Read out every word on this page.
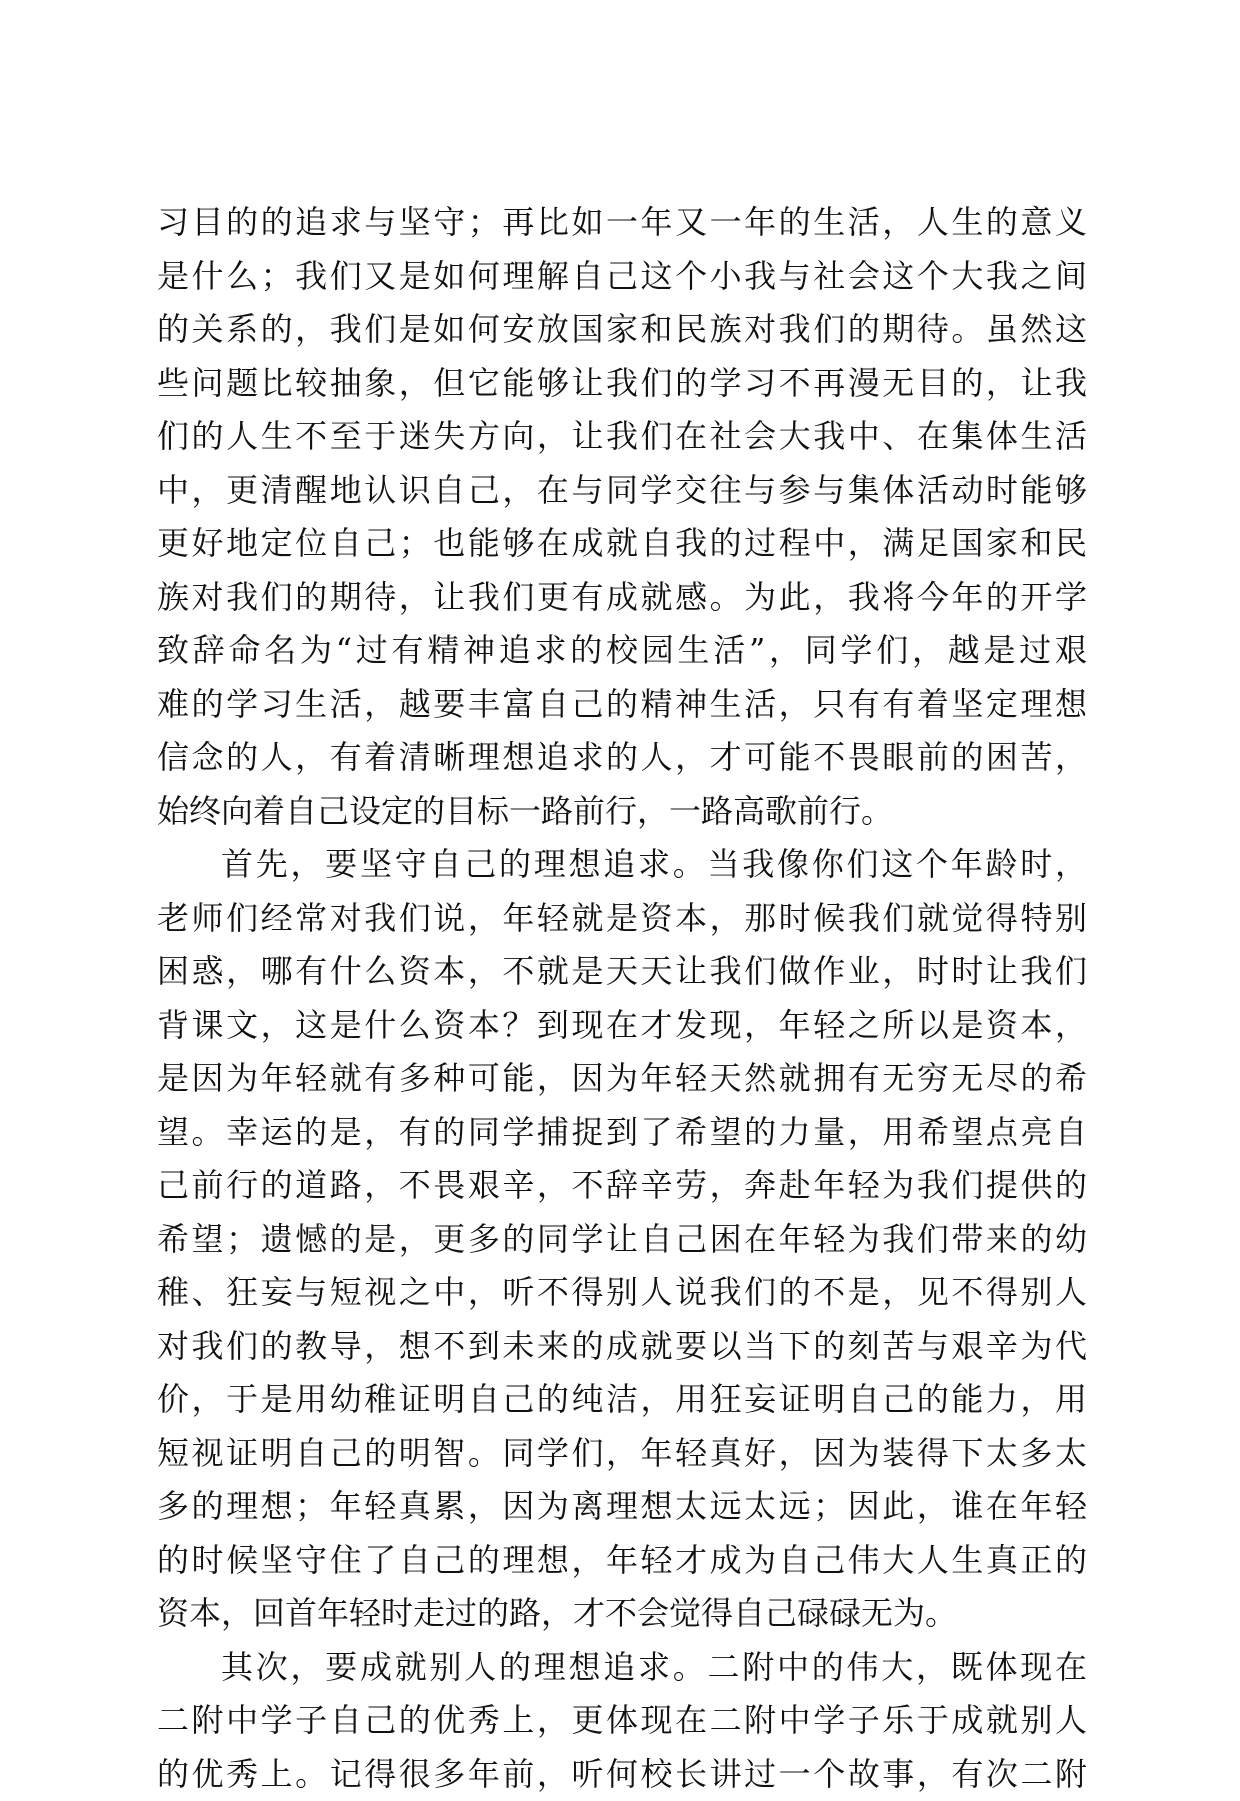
习目的的追求与坚守；再比如一年又一年的生活，人生的意义
是什么；我们又是如何理解自己这个小我与社会这个大我之间
的关系的，我们是如何安放国家和民族对我们的期待。虽然这
些问题比较抽象，但它能够让我们的学习不再漫无目的，让我
们的人生不至于迷失方向，让我们在社会大我中、在集体生活
中，更清醒地认识自己，在与同学交往与参与集体活动时能够
更好地定位自己；也能够在成就自我的过程中，满足国家和民
族对我们的期待，让我们更有成就感。为此，我将今年的开学
致辞命名为“过有精神追求的校园生活”，同学们，越是过艰
难的学习生活，越要丰富自己的精神生活，只有有着坚定理想
信念的人，有着清晰理想追求的人，才可能不畏眼前的困苦，
始终向着自己设定的目标一路前行，一路高歌前行。
首先，要坚守自己的理想追求。当我像你们这个年龄时，
老师们经常对我们说，年轻就是资本，那时候我们就觉得特别
困惑，哪有什么资本，不就是天天让我们做作业，时时让我们
背课文，这是什么资本？到现在才发现，年轻之所以是资本，
是因为年轻就有多种可能，因为年轻天然就拥有无穷无尽的希
望。幸运的是，有的同学捕捉到了希望的力量，用希望点亮自
己前行的道路，不畏艰辛，不辞辛劳，奔赴年轻为我们提供的
希望；遗憾的是，更多的同学让自己困在年轻为我们带来的幼
稚、狂妄与短视之中，听不得别人说我们的不是，见不得别人
对我们的教导，想不到未来的成就要以当下的刻苦与艰辛为代
价，于是用幼稚证明自己的纯洁，用狂妄证明自己的能力，用
短视证明自己的明智。同学们，年轻真好，因为装得下太多太
多的理想；年轻真累，因为离理想太远太远；因此，谁在年轻
的时候坚守住了自己的理想，年轻才成为自己伟大人生真正的
资本，回首年轻时走过的路，才不会觉得自己碌碌无为。
其次，要成就别人的理想追求。二附中的伟大，既体现在
二附中学子自己的优秀上，更体现在二附中学子乐于成就别人
的优秀上。记得很多年前，听何校长讲过一个故事，有次二附
